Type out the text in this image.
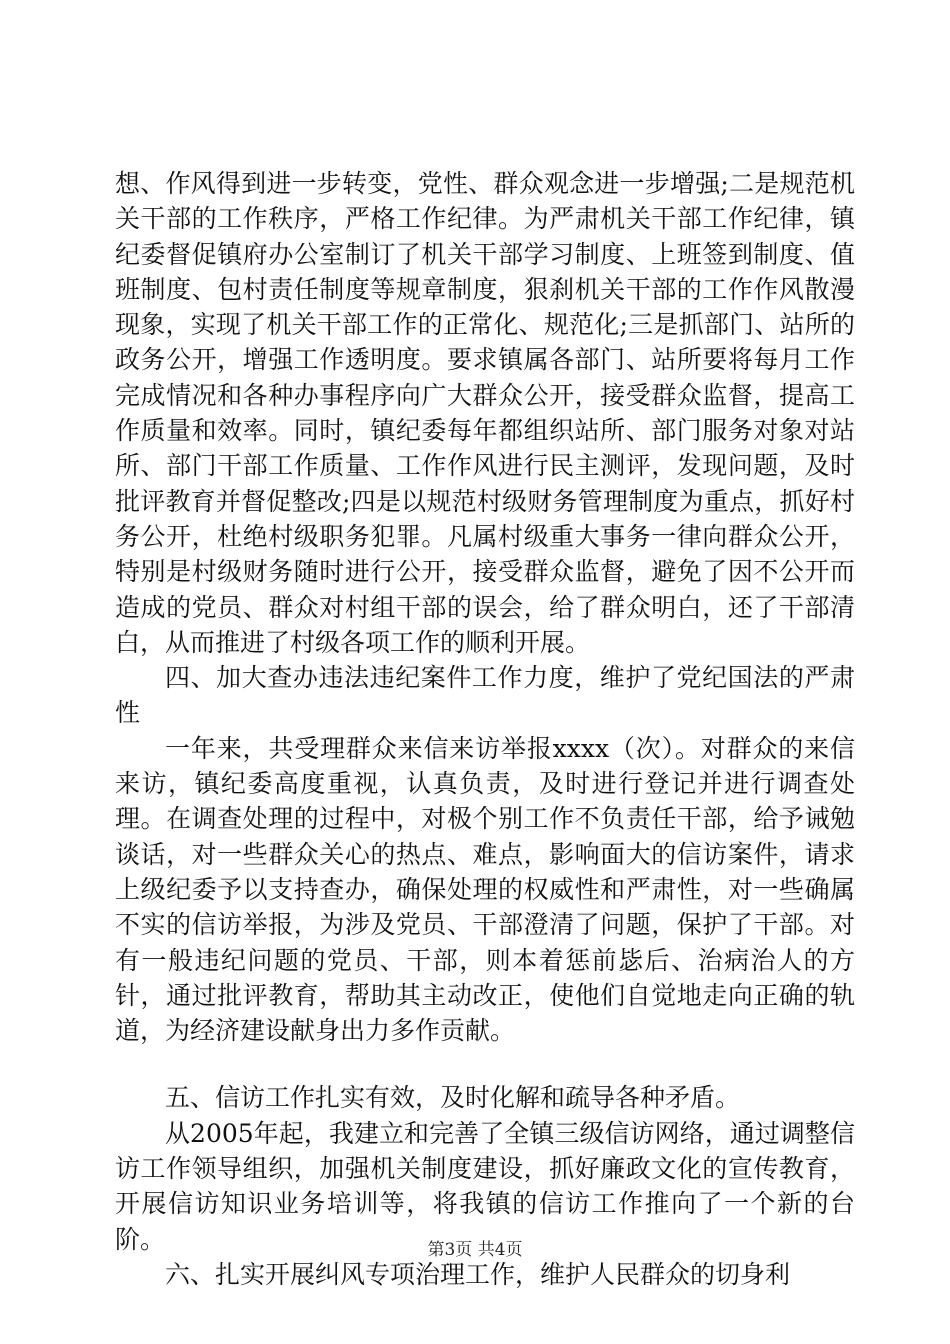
想、作风得到进一步转变，党性、群众观念进一步增强;二是规范机关干部的工作秩序，严格工作纪律。为严肃机关干部工作纪律，镇纪委督促镇府办公室制订了机关干部学习制度、上班签到制度、值班制度、包村责任制度等规章制度，狠刹机关干部的工作作风散漫现象，实现了机关干部工作的正常化、规范化;三是抓部门、站所的政务公开，增强工作透明度。要求镇属各部门、站所要将每月工作完成情况和各种办事程序向广大群众公开，接受群众监督，提高工作质量和效率。同时，镇纪委每年都组织站所、部门服务对象对站所、部门干部工作质量、工作作风进行民主测评，发现问题，及时批评教育并督促整改;四是以规范村级财务管理制度为重点，抓好村务公开，杜绝村级职务犯罪。凡属村级重大事务一律向群众公开，特别是村级财务随时进行公开，接受群众监督，避免了因不公开而造成的党员、群众对村组干部的误会，给了群众明白，还了干部清白，从而推进了村级各项工作的顺利开展。

四、加大查办违法违纪案件工作力度，维护了党纪国法的严肃性

一年来，共受理群众来信来访举报xxxx（次）。对群众的来信来访，镇纪委高度重视，认真负责，及时进行登记并进行调查处理。在调查处理的过程中，对极个别工作不负责任干部，给予诫勉谈话，对一些群众关心的热点、难点，影响面大的信访案件，请求上级纪委予以支持查办，确保处理的权威性和严肃性，对一些确属不实的信访举报，为涉及党员、干部澄清了问题，保护了干部。对有一般违纪问题的党员、干部，则本着惩前毖后、治病治人的方针，通过批评教育，帮助其主动改正，使他们自觉地走向正确的轨道，为经济建设献身出力多作贡献。

五、信访工作扎实有效，及时化解和疏导各种矛盾。

从2005年起，我建立和完善了全镇三级信访网络，通过调整信访工作领导组织，加强机关制度建设，抓好廉政文化的宣传教育，开展信访知识业务培训等，将我镇的信访工作推向了一个新的台阶。

六、扎实开展纠风专项治理工作，维护人民群众的切身利

第3页 共4页
